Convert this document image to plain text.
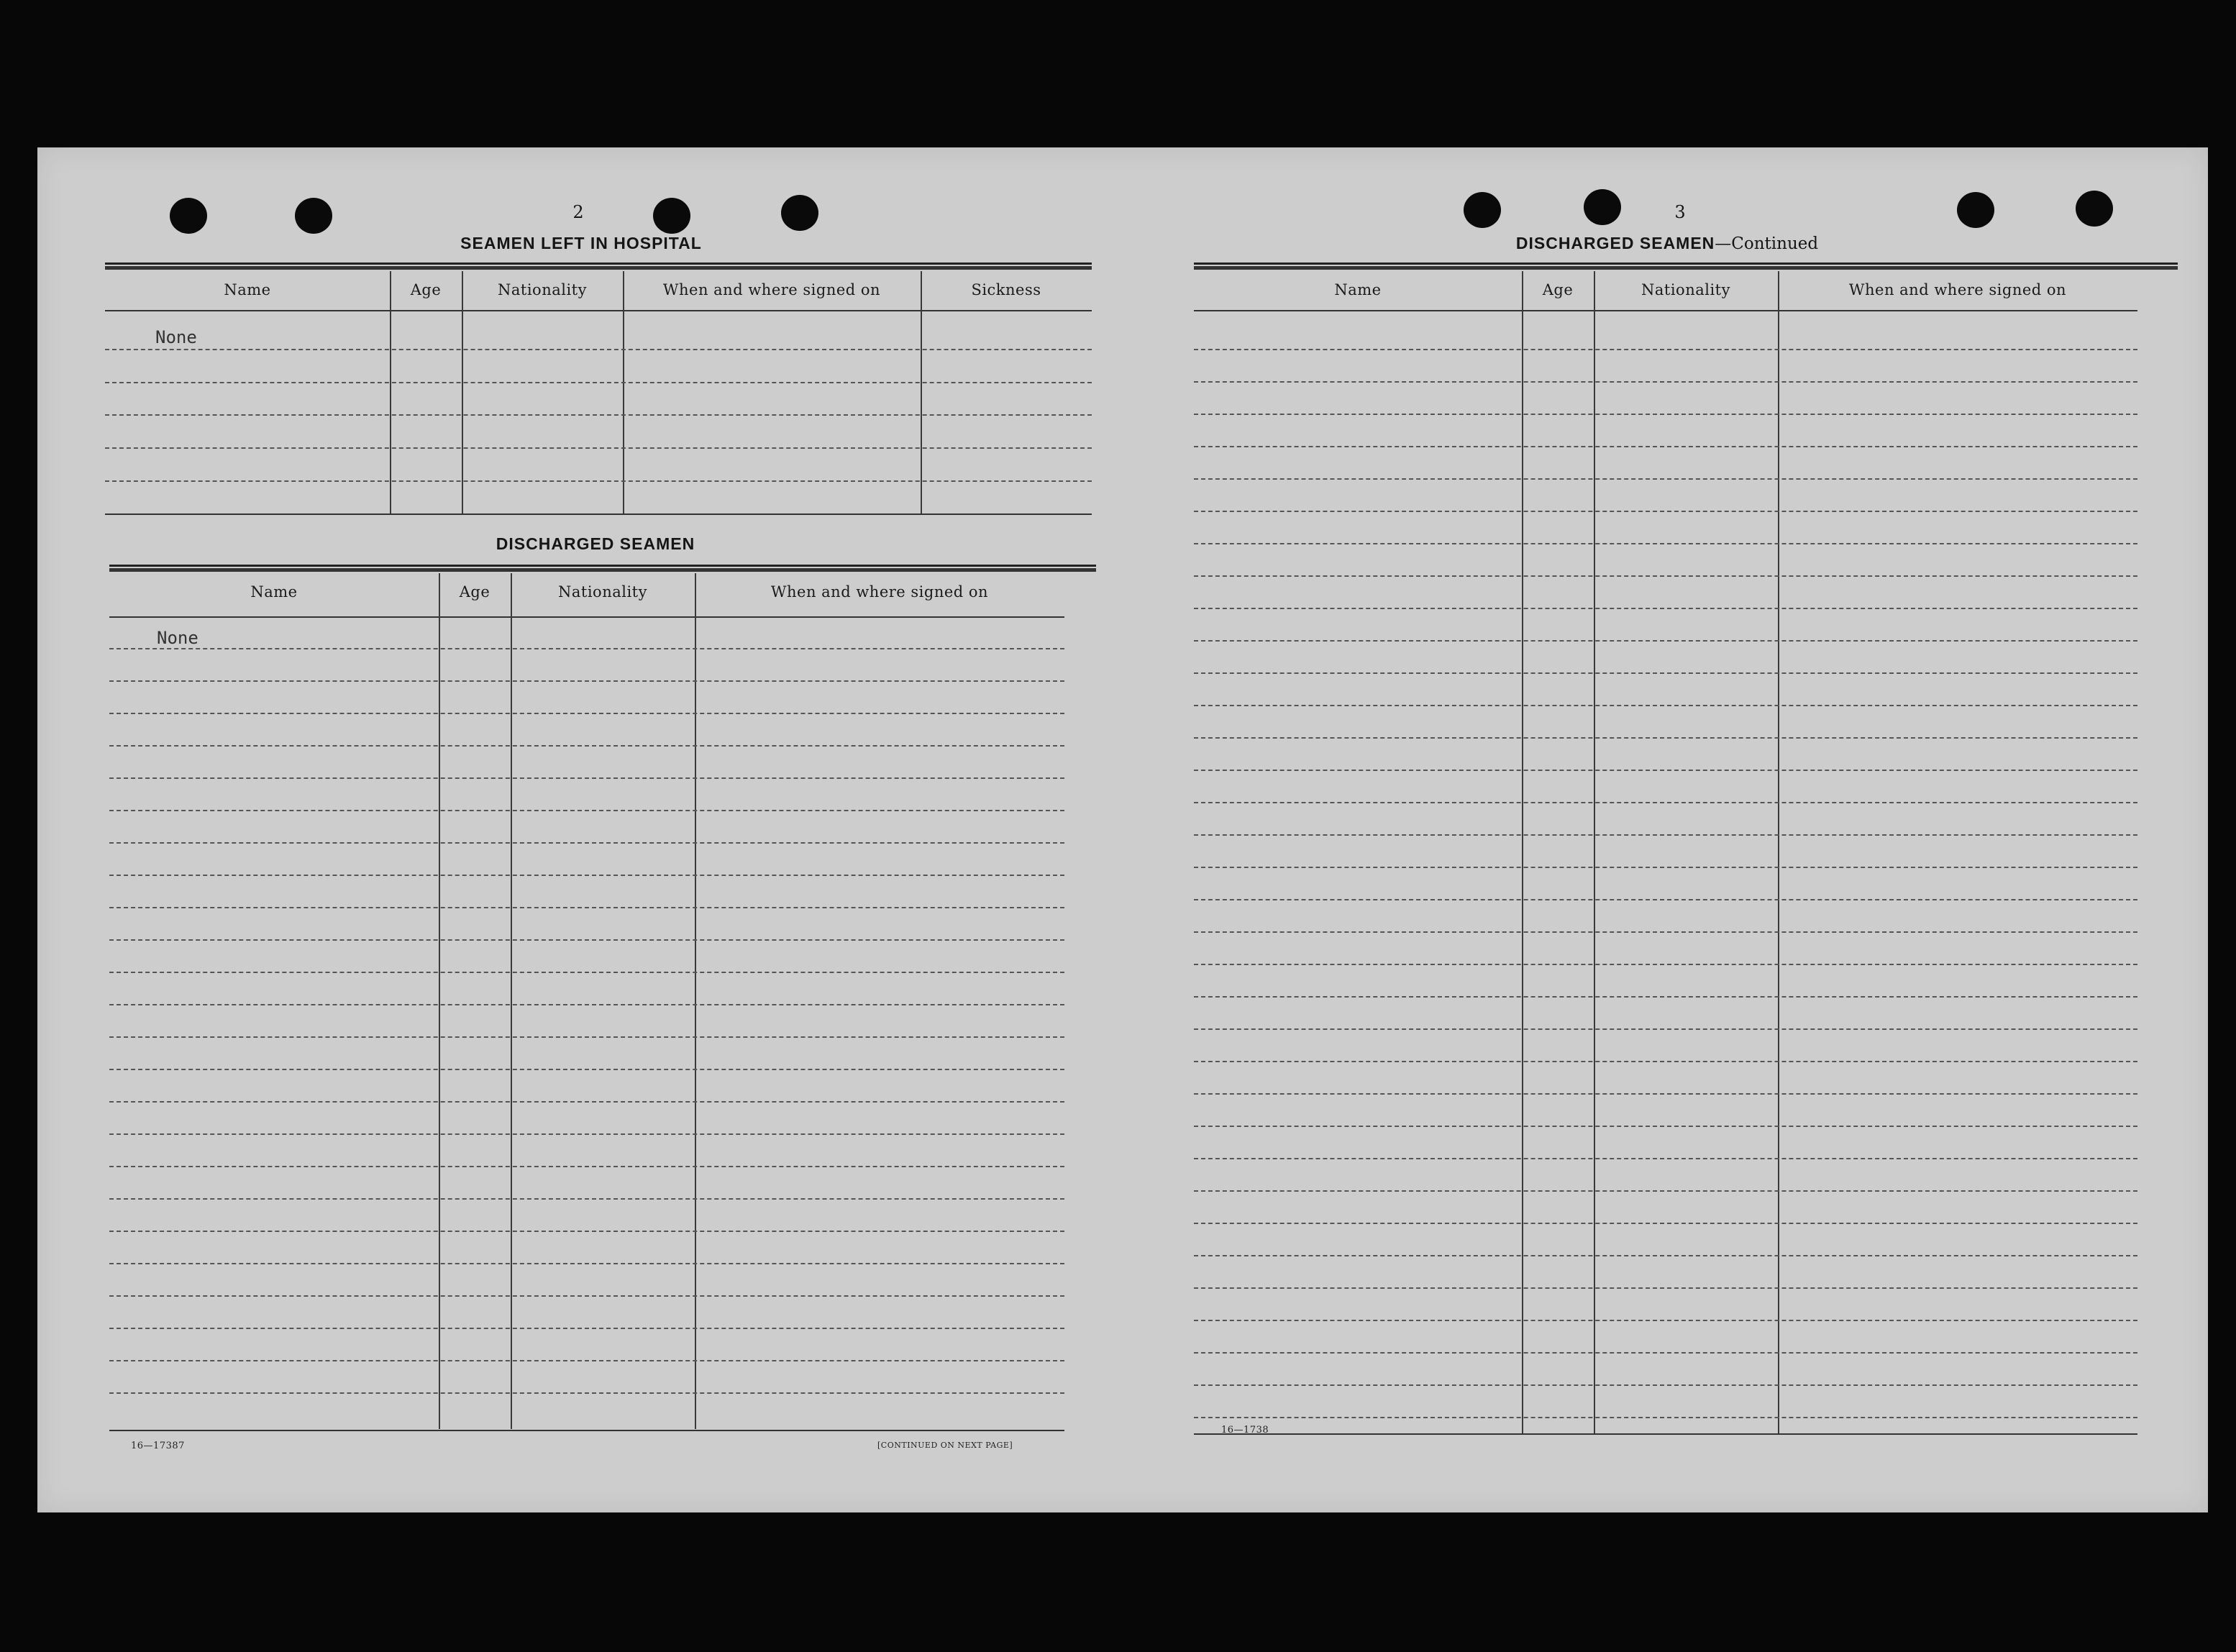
2
SEAMEN LEFT IN HOSPITAL
Name	Age	Nationality	When and where signed on	Sickness
None
DISCHARGED SEAMEN
Name	Age	Nationality	When and where signed on
None
16—17387	[CONTINUED ON NEXT PAGE]
3
DISCHARGED SEAMEN—Continued
Name	Age	Nationality	When and where signed on
16—1738
